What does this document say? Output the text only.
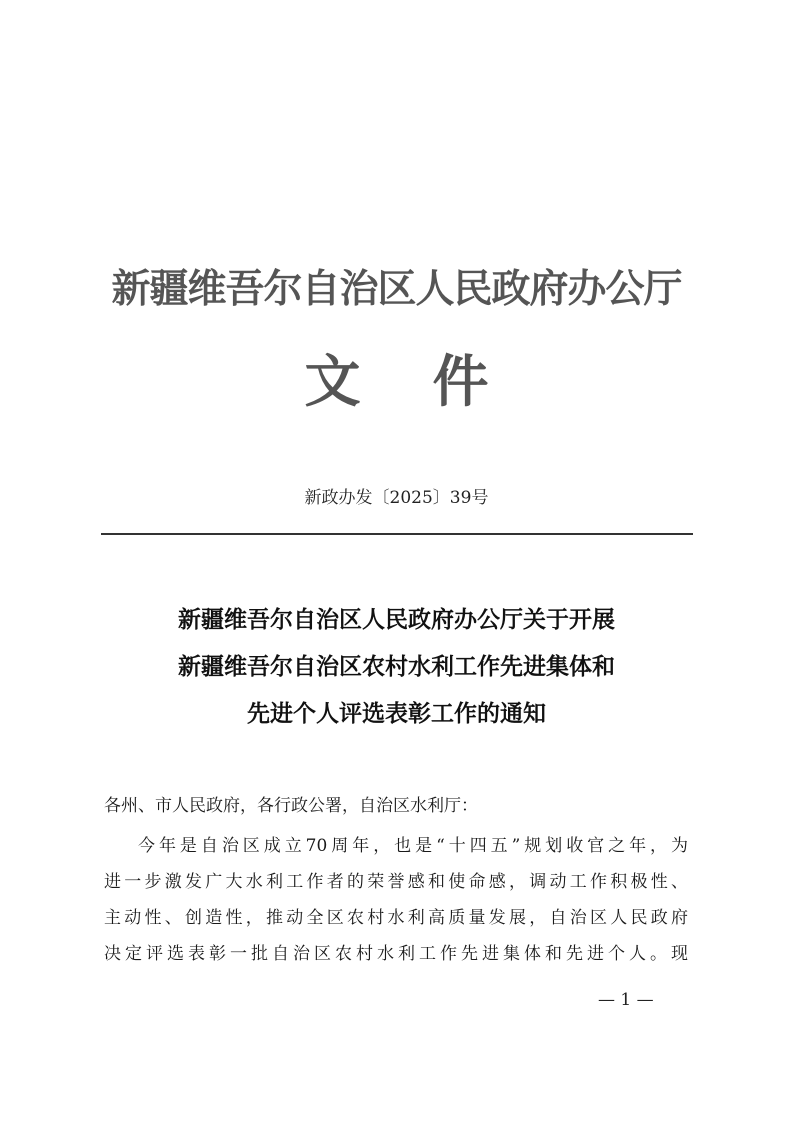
新疆维吾尔自治区人民政府办公厅
文件
新政办发〔2025〕39号
新疆维吾尔自治区人民政府办公厅关于开展
新疆维吾尔自治区农村水利工作先进集体和
先进个人评选表彰工作的通知
各州、市人民政府，各行政公署，自治区水利厅：
今年是自治区成立70周年，也是“十四五”规划收官之年，为
进一步激发广大水利工作者的荣誉感和使命感，调动工作积极性、
主动性、创造性，推动全区农村水利高质量发展，自治区人民政府
决定评选表彰一批自治区农村水利工作先进集体和先进个人。现
— 1 —
